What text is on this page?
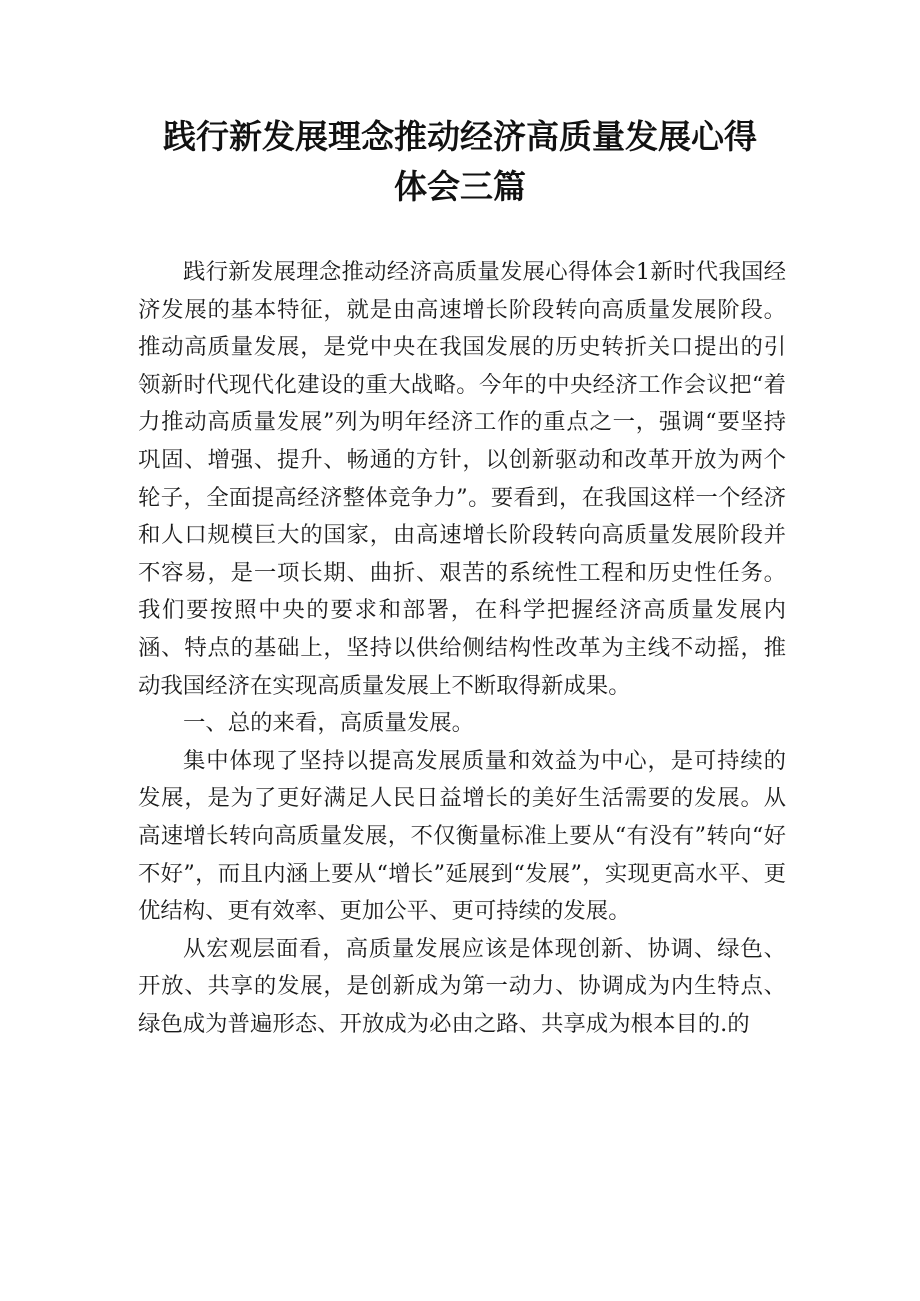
践行新发展理念推动经济高质量发展心得
体会三篇

践行新发展理念推动经济高质量发展心得体会1新时代我国经济发展的基本特征，就是由高速增长阶段转向高质量发展阶段。推动高质量发展，是党中央在我国发展的历史转折关口提出的引领新时代现代化建设的重大战略。今年的中央经济工作会议把“着力推动高质量发展”列为明年经济工作的重点之一，强调“要坚持巩固、增强、提升、畅通的方针，以创新驱动和改革开放为两个轮子，全面提高经济整体竞争力”。要看到，在我国这样一个经济和人口规模巨大的国家，由高速增长阶段转向高质量发展阶段并不容易，是一项长期、曲折、艰苦的系统性工程和历史性任务。我们要按照中央的要求和部署，在科学把握经济高质量发展内涵、特点的基础上，坚持以供给侧结构性改革为主线不动摇，推动我国经济在实现高质量发展上不断取得新成果。

一、总的来看，高质量发展。

集中体现了坚持以提高发展质量和效益为中心，是可持续的发展，是为了更好满足人民日益增长的美好生活需要的发展。从高速增长转向高质量发展，不仅衡量标准上要从“有没有”转向“好不好”，而且内涵上要从“增长”延展到“发展”，实现更高水平、更优结构、更有效率、更加公平、更可持续的发展。

从宏观层面看，高质量发展应该是体现创新、协调、绿色、开放、共享的发展，是创新成为第一动力、协调成为内生特点、绿色成为普遍形态、开放成为必由之路、共享成为根本目的.的
